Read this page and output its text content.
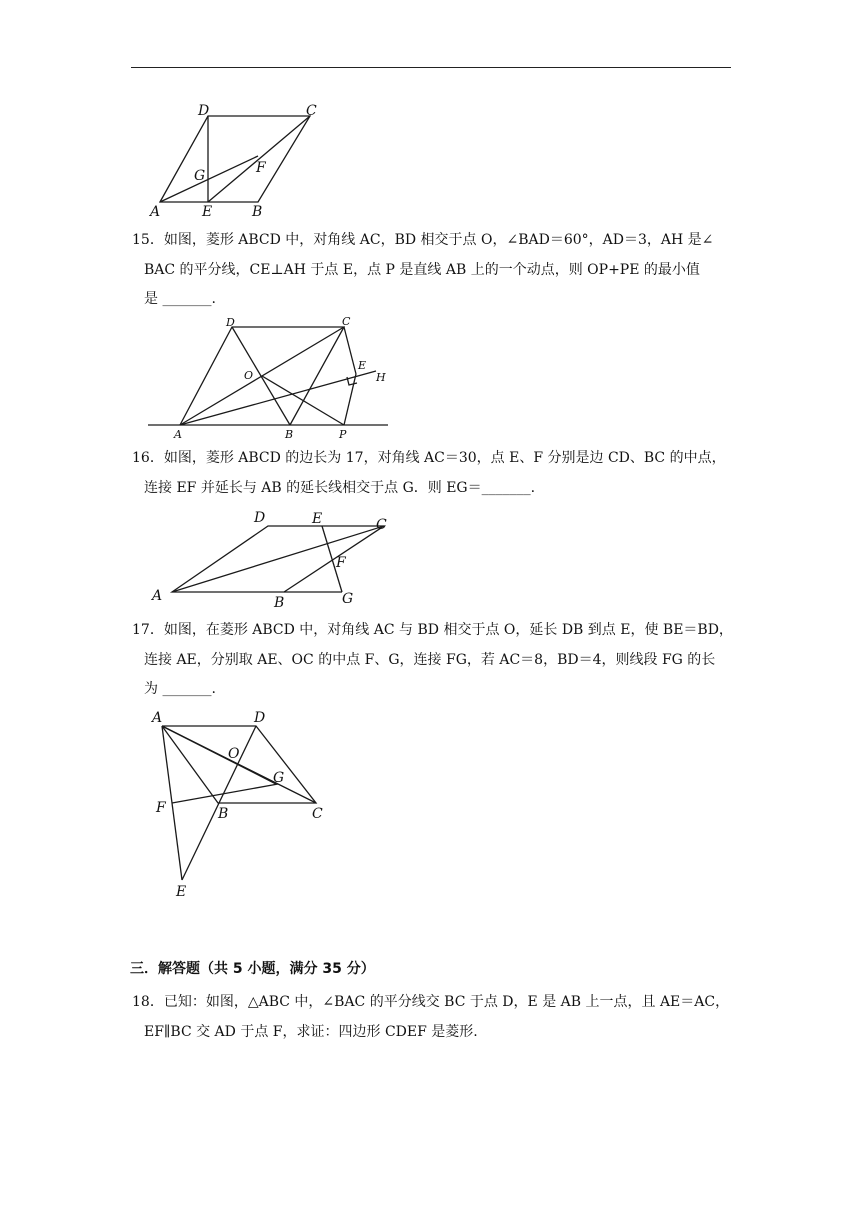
D	C
G	F
A	E	B
15．如图，菱形 ABCD 中，对角线 AC，BD 相交于点 O，∠BAD＝60°，AD＝3，AH 是∠
BAC 的平分线，CE⊥AH 于点 E，点 P 是直线 AB 上的一个动点，则 OP+PE 的最小值
是 _______.
D	C
O
E
H
A	B	P
16．如图，菱形 ABCD 的边长为 17，对角线 AC＝30，点 E、F 分别是边 CD、BC 的中点，
连接 EF 并延长与 AB 的延长线相交于点 G．则 EG＝_______.
D	E	C
F
A	B	G
17．如图，在菱形 ABCD 中，对角线 AC 与 BD 相交于点 O，延长 DB 到点 E，使 BE＝BD，
连接 AE，分别取 AE、OC 的中点 F、G，连接 FG，若 AC＝8，BD＝4，则线段 FG 的长
为 _______.
A	D
O
G
F	B	C
E
三．解答题（共 5 小题，满分 35 分）
18．已知：如图，△ABC 中，∠BAC 的平分线交 BC 于点 D，E 是 AB 上一点，且 AE＝AC，
EF∥BC 交 AD 于点 F，求证：四边形 CDEF 是菱形.
